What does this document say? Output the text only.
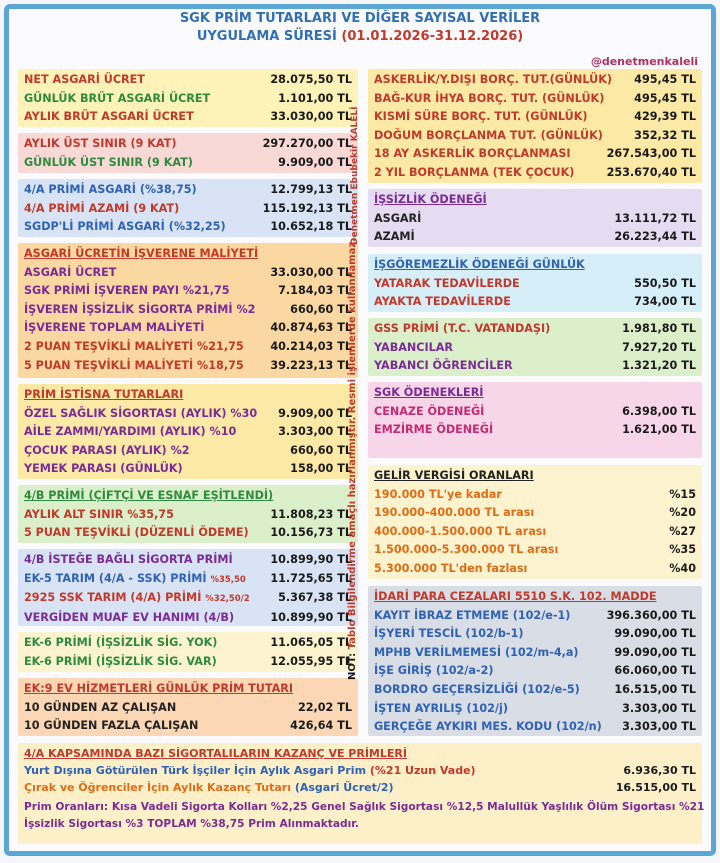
SGK PRİM TUTARLARI VE DİĞER SAYISAL VERİLER
UYGULAMA SÜRESİ (01.01.2026-31.12.2026)
@denetmenkaleli
NET ASGARİ ÜCRET	28.075,50 TL
GÜNLÜK BRÜT ASGARİ ÜCRET	1.101,00 TL
AYLIK BRÜT ASGARİ ÜCRET	33.030,00 TL
AYLIK ÜST SINIR (9 KAT)	297.270,00 TL
GÜNLÜK ÜST SINIR (9 KAT)	9.909,00 TL
4/A PRİMİ ASGARİ (%38,75)	12.799,13 TL
4/A PRİMİ AZAMİ (9 KAT)	115.192,13 TL
SGDP'Lİ PRİMİ ASGARİ (%32,25)	10.652,18 TL
ASGARİ ÜCRETİN İŞVERENE MALİYETİ
ASGARİ ÜCRET	33.030,00 TL
SGK PRİMİ İŞVEREN PAYI %21,75	7.184,03 TL
İŞVEREN İŞSİZLİK SİGORTA PRİMİ %2	660,60 TL
İŞVERENE TOPLAM MALİYETİ	40.874,63 TL
2 PUAN TEŞVİKLİ MALİYETİ %21,75 40.214,03 TL
5 PUAN TEŞVİKLİ MALİYETİ %18,75 39.223,13 TL
PRİM İSTİSNA TUTARLARI
ÖZEL SAĞLIK SİGORTASI (AYLIK) %30 9.909,00 TL
AİLE ZAMMI/YARDIMI (AYLIK) %10	3.303,00 TL
ÇOCUK PARASI (AYLIK) %2	660,60 TL
YEMEK PARASI (GÜNLÜK)	158,00 TL
4/B PRİMİ (ÇİFTÇİ VE ESNAF EŞİTLENDİ)
AYLIK ALT SINIR %35,75	11.808,23 TL
5 PUAN TEŞVİKLİ (DÜZENLİ ÖDEME) 10.156,73 TL
4/B İSTEĞE BAĞLI SİGORTA PRİMİ	10.899,90 TL
EK-5 TARIM (4/A - SSK) PRİMİ %35,50 11.725,65 TL
2925 SSK TARIM (4/A) PRİMİ %32,50/2	5.367,38 TL
VERGİDEN MUAF EV HANIMI (4/B)	10.899,90 TL
EK-6 PRİMİ (İŞSİZLİK SİG. YOK)	11.065,05 TL
EK-6 PRİMİ (İŞSİZLİK SİG. VAR)	12.055,95 TL
EK:9 EV HİZMETLERİ GÜNLÜK PRİM TUTARI
10 GÜNDEN AZ ÇALIŞAN	22,02 TL
10 GÜNDEN FAZLA ÇALIŞAN	426,64 TL
NOT: Tablo Bilgilendirme amaçlı hazırlanmıştır. Resmi işlemlerde kullanılamaz.
Denetmen Ebubekir KALELİ
ASKERLİK/Y.DIŞI BORÇ. TUT.(GÜNLÜK) 495,45 TL
BAĞ-KUR İHYA BORÇ. TUT. (GÜNLÜK)	495,45 TL
KISMİ SÜRE BORÇ. TUT. (GÜNLÜK)	429,39 TL
DOĞUM BORÇLANMA TUT. (GÜNLÜK)	352,32 TL
18 AY ASKERLİK BORÇLANMASI	267.543,00 TL
2 YIL BORÇLANMA (TEK ÇOCUK)	253.670,40 TL
İŞSİZLİK ÖDENEĞİ
ASGARİ	13.111,72 TL
AZAMİ	26.223,44 TL
İŞGÖREMEZLİK ÖDENEĞİ GÜNLÜK
YATARAK TEDAVİLERDE	550,50 TL
AYAKTA TEDAVİLERDE	734,00 TL
GSS PRİMİ (T.C. VATANDAŞI)	1.981,80 TL
YABANCILAR	7.927,20 TL
YABANCI ÖĞRENCİLER	1.321,20 TL
SGK ÖDENEKLERİ
CENAZE ÖDENEĞİ	6.398,00 TL
EMZİRME ÖDENEĞİ	1.621,00 TL
GELİR VERGİSİ ORANLARI
190.000 TL'ye kadar	%15
190.000-400.000 TL arası	%20
400.000-1.500.000 TL arası	%27
1.500.000-5.300.000 TL arası	%35
5.300.000 TL'den fazlası	%40
İDARİ PARA CEZALARI 5510 S.K. 102. MADDE
KAYIT İBRAZ ETMEME (102/e-1)	396.360,00 TL
İŞYERİ TESCİL (102/b-1)	99.090,00 TL
MPHB VERİLMEMESİ (102/m-4,a)	99.090,00 TL
İŞE GİRİŞ (102/a-2)	66.060,00 TL
BORDRO GEÇERSİZLİĞİ (102/e-5)	16.515,00 TL
İŞTEN AYRILIŞ (102/j)	3.303,00 TL
GERÇEĞE AYKIRI MES. KODU (102/n) 3.303,00 TL
4/A KAPSAMINDA BAZI SİGORTALILARIN KAZANÇ VE PRİMLERİ
Yurt Dışına Götürülen Türk İşçiler İçin Aylık Asgari Prim (%21 Uzun Vade)	6.936,30 TL
Çırak ve Öğrenciler İçin Aylık Kazanç Tutarı (Asgari Ücret/2)	16.515,00 TL
Prim Oranları: Kısa Vadeli Sigorta Kolları %2,25 Genel Sağlık Sigortası %12,5 Malullük Yaşlılık Ölüm Sigortası %21
İşsizlik Sigortası %3 TOPLAM %38,75 Prim Alınmaktadır.
